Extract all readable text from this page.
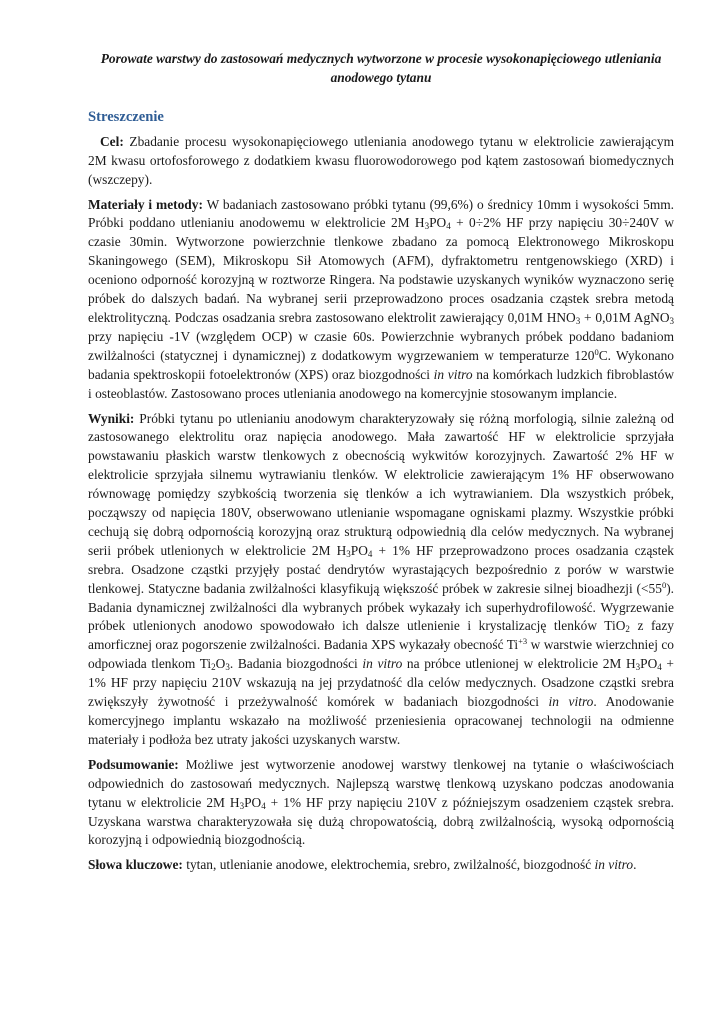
Porowate warstwy do zastosowań medycznych wytworzone w procesie wysokonapięciowego utleniania anodowego tytanu
Streszczenie

Cel: Zbadanie procesu wysokonapięciowego utleniania anodowego tytanu w elektrolicie zawierającym 2M kwasu ortofosforowego z dodatkiem kwasu fluorowodorowego pod kątem zastosowań biomedycznych (wszczepy).

Materiały i metody: W badaniach zastosowano próbki tytanu (99,6%) o średnicy 10mm i wysokości 5mm. Próbki poddano utlenianiu anodowemu w elektrolicie 2M $H_3PO_4 + 0\div 2\%$ HF przy napięciu 30÷240V w czasie 30min. Wytworzone powierzchnie tlenkowe zbadano za pomocą Elektronowego Mikroskopu Skaningowego (SEM), Mikroskopu Sił Atomowych (AFM), dyfraktometru rentgenowskiego (XRD) i oceniono odporność korozyjną w roztworze Ringera. Na podstawie uzyskanych wyników wyznaczono serię próbek do dalszych badań. Na wybranej serii przeprowadzono proces osadzania cząstek srebra metodą elektrolityczną. Podczas osadzania srebra zastosowano elektrolit zawierający 0,01M $HNO_3 + 0,01M$ AgNO$_3$ przy napięciu -1V (względem OCP) w czasie 60s. Powierzchnie wybranych próbek poddano badaniom zwilżalności (statycznej i dynamicznej) z dodatkowym wygrzewaniem w temperaturze $120^0C$. Wykonano badania spektroskopii fotoelektronów (XPS) oraz biozgodności in vitro na komórkach ludzkich fibroblastów i osteoblastów. Zastosowano proces utleniania anodowego na komercyjnie stosowanym implancie.

Wyniki: Próbki tytanu po utlenianiu anodowym charakteryzowały się różną morfologią, silnie zależną od zastosowanego elektrolitu oraz napięcia anodowego. Mała zawartość HF w elektrolicie sprzyjała powstawaniu płaskich warstw tlenkowych z obecnością wykwitów korozyjnych. Zawartość 2% HF w elektrolicie sprzyjała silnemu wytrawianiu tlenków. W elektrolicie zawierającym 1% HF obserwowano równowagę pomiędzy szybkością tworzenia się tlenków a ich wytrawianiem. Dla wszystkich próbek, począwszy od napięcia 180V, obserwowano utlenianie wspomagane ogniskami plazmy. Wszystkie próbki cechują się dobrą odpornością korozyjną oraz strukturą odpowiednią dla celów medycznych. Na wybranej serii próbek utlenionych w elektrolicie 2M $H_3PO_4 + 1\%$ HF przeprowadzono proces osadzania cząstek srebra. Osadzone cząstki przyjęły postać dendrytów wyrastających bezpośrednio z porów w warstwie tlenkowej. Statyczne badania zwilżalności klasyfikują większość próbek w zakresie silnej bioadhezji $(<55^0)$. Badania dynamicznej zwilżalności dla wybranych próbek wykazały ich superhydrofilowość. Wygrzewanie próbek utlenionych anodowo spowodowało ich dalsze utlenienie i krystalizację tlenków TiO$_2$ z fazy amorficznej oraz pogorszenie zwilżalności. Badania XPS wykazały obecność $Ti^{+3}$ w warstwie wierzchniej co odpowiada tlenkom $Ti_2O_3$. Badania biozgodności in vitro na próbce utlenionej w elektrolicie 2M $H_3PO_4 + 1\%$ HF przy napięciu 210V wskazują na jej przydatność dla celów medycznych. Osadzone cząstki srebra zwiększyły żywotność i przeżywalność komórek w badaniach biozgodności in vitro. Anodowanie komercyjnego implantu wskazało na możliwość przeniesienia opracowanej technologii na odmienne materiały i podłoża bez utraty jakości uzyskanych warstw.

Podsumowanie: Możliwe jest wytworzenie anodowej warstwy tlenkowej na tytanie o właściwościach odpowiednich do zastosowań medycznych. Najlepszą warstwę tlenkową uzyskano podczas anodowania tytanu w elektrolicie 2M $H_3PO_4 + 1\%$ HF przy napięciu 210V z późniejszym osadzeniem cząstek srebra. Uzyskana warstwa charakteryzowała się dużą chropowatością, dobrą zwilżalnością, wysoką odpornością korozyjną i odpowiednią biozgodnością.

Słowa kluczowe: tytan, utlenianie anodowe, elektrochemia, srebro, zwilżalność, biozgodność in vitro.
